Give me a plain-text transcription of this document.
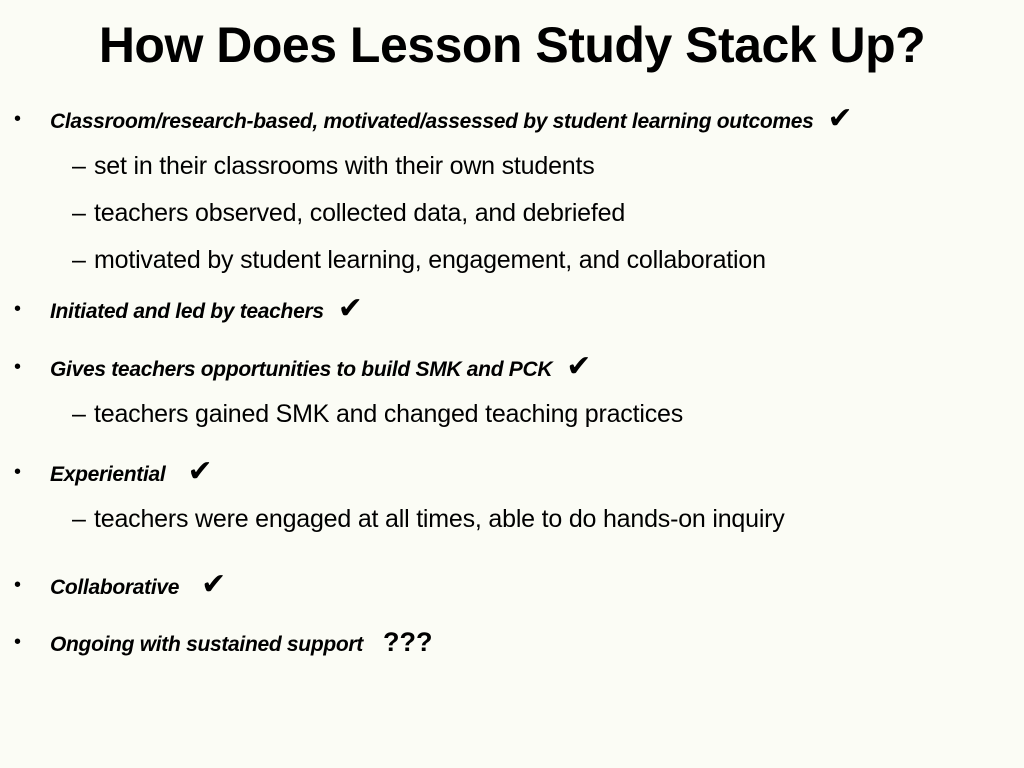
How Does Lesson Study Stack Up?
• Classroom/research-based, motivated/assessed by student learning outcomes ✔
– set in their classrooms with their own students
– teachers observed, collected data, and debriefed
– motivated by student learning, engagement, and collaboration
• Initiated and led by teachers ✔
• Gives teachers opportunities to build SMK and PCK ✔
– teachers gained SMK and changed teaching practices
• Experiential ✔
– teachers were engaged at all times, able to do hands-on inquiry
• Collaborative ✔
• Ongoing with sustained support ???
